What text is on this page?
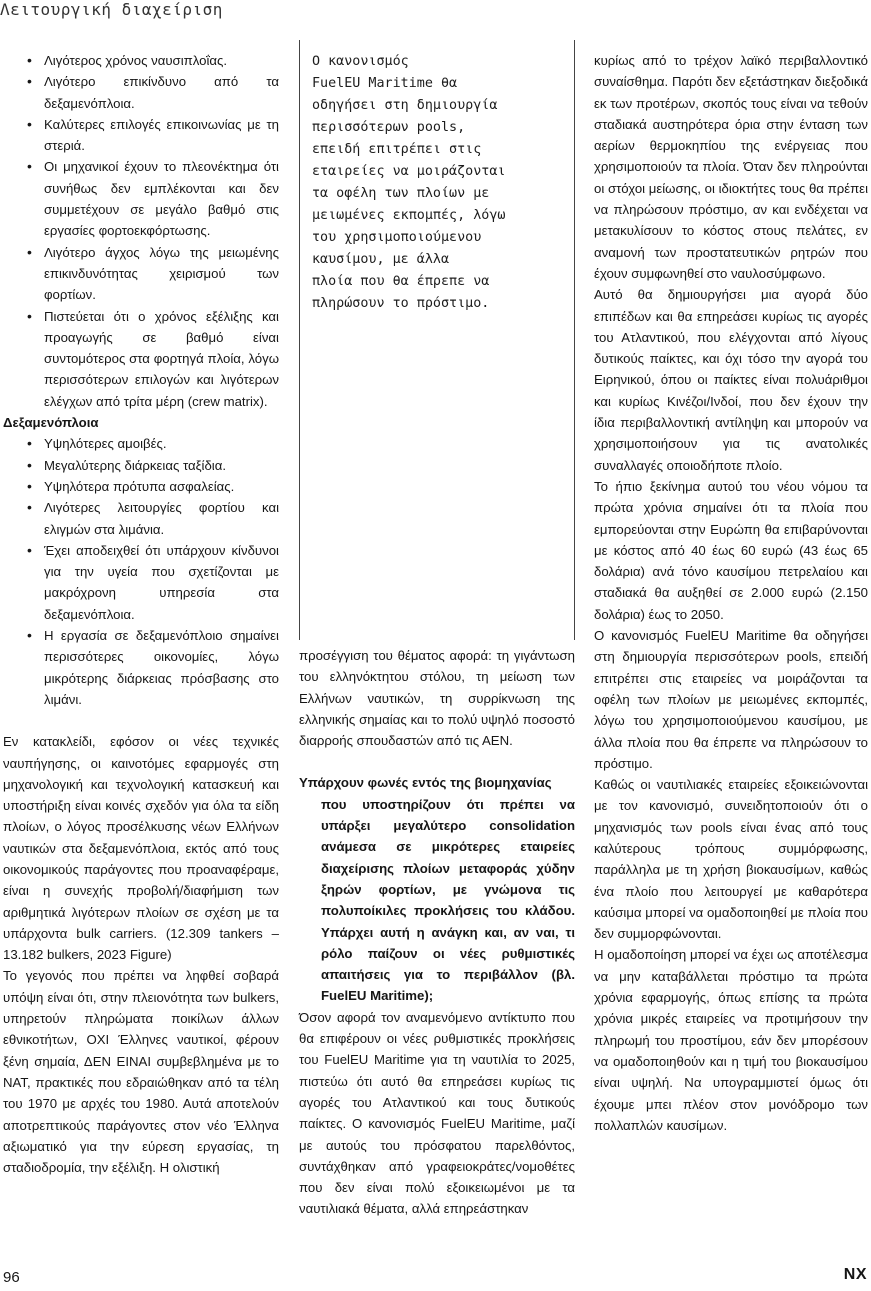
Λειτουργική διαχείριση
• Λιγότερος χρόνος ναυσιπλοΐας.
• Λιγότερο επικίνδυνο από τα δεξαμενόπλοια.
• Καλύτερες επιλογές επικοινωνίας με τη στεριά.
• Οι μηχανικοί έχουν το πλεονέκτημα ότι συνήθως δεν εμπλέκονται και δεν συμμετέχουν σε μεγάλο βαθμό στις εργασίες φορτοεκφόρτωσης.
• Λιγότερο άγχος λόγω της μειωμένης επικινδυνότητας χειρισμού των φορτίων.
• Πιστεύεται ότι ο χρόνος εξέλιξης και προαγωγής σε βαθμό είναι συντομότερος στα φορτηγά πλοία, λόγω περισσότερων επιλογών και λιγότερων ελέγχων από τρίτα μέρη (crew matrix).

Δεξαμενόπλοια

• Υψηλότερες αμοιβές.
• Μεγαλύτερης διάρκειας ταξίδια.
• Υψηλότερα πρότυπα ασφαλείας.
• Λιγότερες λειτουργίες φορτίου και ελιγμών στα λιμάνια.
• Έχει αποδειχθεί ότι υπάρχουν κίνδυνοι για την υγεία που σχετίζονται με μακρόχρονη υπηρεσία στα δεξαμενόπλοια.
• Η εργασία σε δεξαμενόπλοιο σημαίνει περισσότερες οικονομίες, λόγω μικρότερης διάρκειας πρόσβασης στο λιμάνι.

Εν κατακλείδι, εφόσον οι νέες τεχνικές ναυπήγησης, οι καινοτόμες εφαρμογές στη μηχανολογική και τεχνολογική κατασκευή και υποστήριξη είναι κοινές σχεδόν για όλα τα είδη πλοίων, ο λόγος προσέλκυσης νέων Ελλήνων ναυτικών στα δεξαμενόπλοια, εκτός από τους οικονομικούς παράγοντες που προαναφέραμε, είναι η συνεχής προβολή/διαφήμιση των αριθμητικά λιγότερων πλοίων σε σχέση με τα υπάρχοντα bulk carriers. (12.309 tankers – 13.182 bulkers, 2023 Figure)

Το γεγονός που πρέπει να ληφθεί σοβαρά υπόψη είναι ότι, στην πλειονότητα των bulkers, υπηρετούν πληρώματα ποικίλων άλλων εθνικοτήτων, ΟΧΙ Έλληνες ναυτικοί, φέρουν ξένη σημαία, ΔΕΝ ΕΙΝΑΙ συμβεβλημένα με το ΝΑΤ, πρακτικές που εδραιώθηκαν από τα τέλη του 1970 με αρχές του 1980. Αυτά αποτελούν αποτρεπτικούς παράγοντες στον νέο Έλληνα αξιωματικό για την εύρεση εργασίας, τη σταδιοδρομία, την εξέλιξη. Η ολιστική

Ο κανονισμός
FuelEU Maritime θα
οδηγήσει στη δημιουργία
περισσότερων pools,
επειδή επιτρέπει στις
εταιρείες να μοιράζονται
τα οφέλη των πλοίων με
μειωμένες εκπομπές, λόγω
του χρησιμοποιούμενου
καυσίμου, με άλλα
πλοία που θα έπρεπε να
πληρώσουν το πρόστιμο.

προσέγγιση του θέματος αφορά: τη γιγάντωση του ελληνόκτητου στόλου, τη μείωση των Ελλήνων ναυτικών, τη συρρίκνωση της ελληνικής σημαίας και το πολύ υψηλό ποσοστό διαρροής σπουδαστών από τις ΑΕΝ.

Υπάρχουν φωνές εντός της βιομηχανίας
που υποστηρίζουν ότι πρέπει να υπάρξει μεγαλύτερο consolidation ανάμεσα σε μικρότερες εταιρείες διαχείρισης πλοίων μεταφοράς χύδην ξηρών φορτίων, με γνώμονα τις πολυποίκιλες προκλήσεις του κλάδου. Υπάρχει αυτή η ανάγκη και, αν ναι, τι ρόλο παίζουν οι νέες ρυθμιστικές απαιτήσεις για το περιβάλλον (βλ. FuelEU Maritime);

Όσον αφορά τον αναμενόμενο αντίκτυπο που θα επιφέρουν οι νέες ρυθμιστικές προκλήσεις του FuelEU Maritime για τη ναυτιλία το 2025, πιστεύω ότι αυτό θα επηρεάσει κυρίως τις αγορές του Ατλαντικού και τους δυτικούς παίκτες. Ο κανονισμός FuelEU Maritime, μαζί με αυτούς του πρόσφατου παρελθόντος, συντάχθηκαν από γραφειοκράτες/νομοθέτες που δεν είναι πολύ εξοικειωμένοι με τα ναυτιλιακά θέματα, αλλά επηρεάστηκαν

κυρίως από το τρέχον λαϊκό περιβαλλοντικό συναίσθημα. Παρότι δεν εξετάστηκαν διεξοδικά εκ των προτέρων, σκοπός τους είναι να τεθούν σταδιακά αυστηρότερα όρια στην ένταση των αερίων θερμοκηπίου της ενέργειας που χρησιμοποιούν τα πλοία. Όταν δεν πληρούνται οι στόχοι μείωσης, οι ιδιοκτήτες τους θα πρέπει να πληρώσουν πρόστιμο, αν και ενδέχεται να μετακυλίσουν το κόστος στους πελάτες, εν αναμονή των προστατευτικών ρητρών που έχουν συμφωνηθεί στο ναυλοσύμφωνο.

Αυτό θα δημιουργήσει μια αγορά δύο επιπέδων και θα επηρεάσει κυρίως τις αγορές του Ατλαντικού, που ελέγχονται από λίγους δυτικούς παίκτες, και όχι τόσο την αγορά του Ειρηνικού, όπου οι παίκτες είναι πολυάριθμοι και κυρίως Κινέζοι/Ινδοί, που δεν έχουν την ίδια περιβαλλοντική αντίληψη και μπορούν να χρησιμοποιήσουν για τις ανατολικές συναλλαγές οποιοδήποτε πλοίο.

Το ήπιο ξεκίνημα αυτού του νέου νόμου τα πρώτα χρόνια σημαίνει ότι τα πλοία που εμπορεύονται στην Ευρώπη θα επιβαρύνονται με κόστος από 40 έως 60 ευρώ (43 έως 65 δολάρια) ανά τόνο καυσίμου πετρελαίου και σταδιακά θα αυξηθεί σε 2.000 ευρώ (2.150 δολάρια) έως το 2050.

Ο κανονισμός FuelEU Maritime θα οδηγήσει στη δημιουργία περισσότερων pools, επειδή επιτρέπει στις εταιρείες να μοιράζονται τα οφέλη των πλοίων με μειωμένες εκπομπές, λόγω του χρησιμοποιούμενου καυσίμου, με άλλα πλοία που θα έπρεπε να πληρώσουν το πρόστιμο.

Καθώς οι ναυτιλιακές εταιρείες εξοικειώνονται με τον κανονισμό, συνειδητοποιούν ότι ο μηχανισμός των pools είναι ένας από τους καλύτερους τρόπους συμμόρφωσης, παράλληλα με τη χρήση βιοκαυσίμων, καθώς ένα πλοίο που λειτουργεί με καθαρότερα καύσιμα μπορεί να ομαδοποιηθεί με πλοία που δεν συμμορφώνονται.

Η ομαδοποίηση μπορεί να έχει ως αποτέλεσμα να μην καταβάλλεται πρόστιμο τα πρώτα χρόνια εφαρμογής, όπως επίσης τα πρώτα χρόνια μικρές εταιρείες να προτιμήσουν την πληρωμή του προστίμου, εάν δεν μπορέσουν να ομαδοποιηθούν και η τιμή του βιοκαυσίμου είναι υψηλή. Να υπογραμμιστεί όμως ότι έχουμε μπει πλέον στον μονόδρομο των πολλαπλών καυσίμων.

96	NX
